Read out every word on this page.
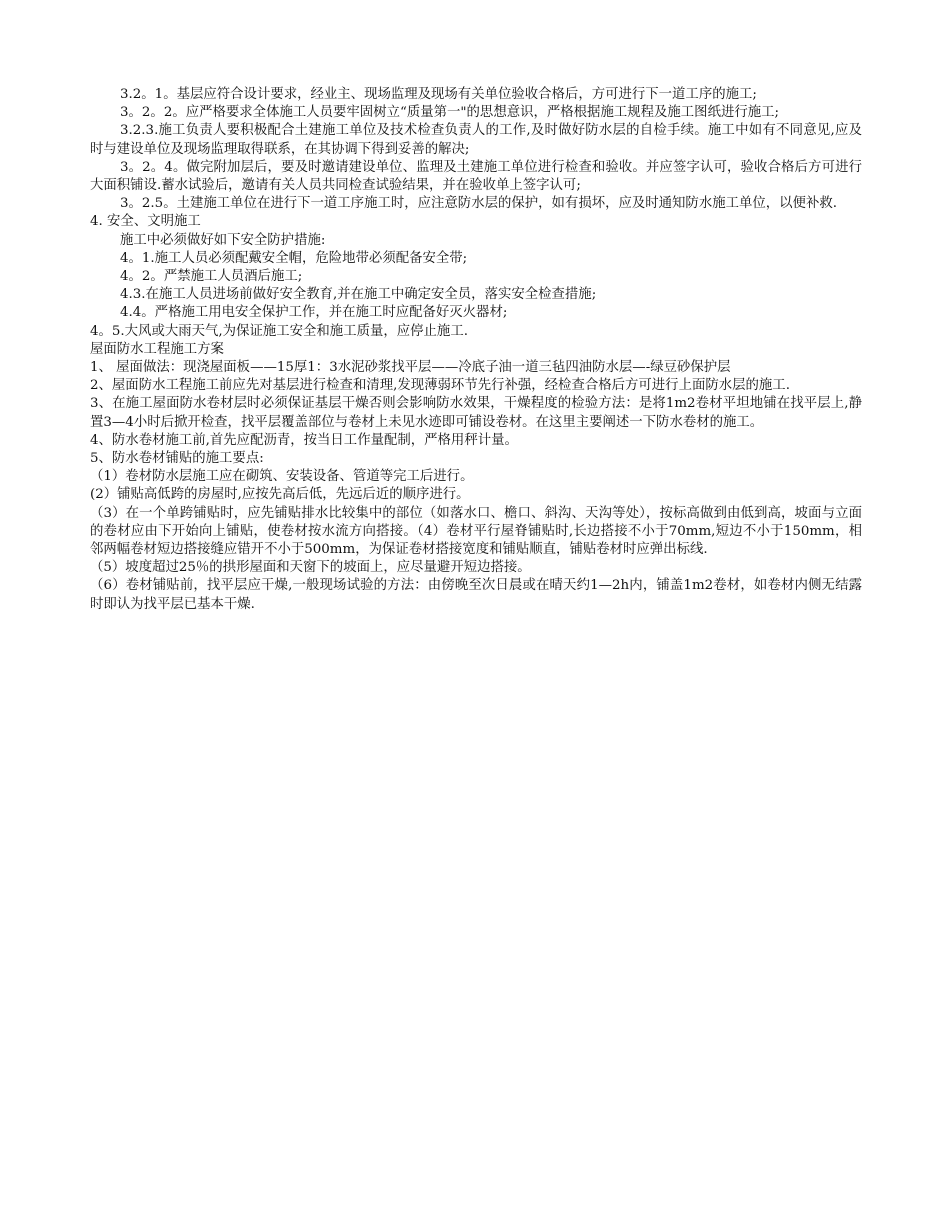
3.2。1。基层应符合设计要求，经业主、现场监理及现场有关单位验收合格后，方可进行下一道工序的施工;

3。2。2。应严格要求全体施工人员要牢固树立“质量第一"的思想意识，严格根据施工规程及施工图纸进行施工;

3.2.3.施工负责人要积极配合土建施工单位及技术检查负责人的工作,及时做好防水层的自检手续。施工中如有不同意见,应及时与建设单位及现场监理取得联系，在其协调下得到妥善的解决;

3。2。4。做完附加层后，要及时邀请建设单位、监理及土建施工单位进行检查和验收。并应签字认可，验收合格后方可进行大面积铺设.蓄水试验后，邀请有关人员共同检查试验结果，并在验收单上签字认可;

3。2.5。土建施工单位在进行下一道工序施工时，应注意防水层的保护，如有损坏，应及时通知防水施工单位，以便补救.

4. 安全、文明施工

施工中必须做好如下安全防护措施:

4。1.施工人员必须配戴安全帽，危险地带必须配备安全带;

4。2。严禁施工人员酒后施工;

4.3.在施工人员进场前做好安全教育,并在施工中确定安全员，落实安全检查措施;

4.4。严格施工用电安全保护工作，并在施工时应配备好灭火器材;

4。5.大风或大雨天气,为保证施工安全和施工质量，应停止施工.

屋面防水工程施工方案

1、 屋面做法：现浇屋面板——15厚1：3水泥砂浆找平层——冷底子油一道三毡四油防水层—-绿豆砂保护层

2、屋面防水工程施工前应先对基层进行检查和清理,发现薄弱环节先行补强，经检查合格后方可进行上面防水层的施工.

3、在施工屋面防水卷材层时必须保证基层干燥否则会影响防水效果，干燥程度的检验方法：是将1m2卷材平坦地铺在找平层上,静置3—4小时后掀开检查，找平层覆盖部位与卷材上未见水迹即可铺设卷材。在这里主要阐述一下防水卷材的施工。

4、防水卷材施工前,首先应配沥青，按当日工作量配制，严格用秤计量。

5、防水卷材铺贴的施工要点:

（1）卷材防水层施工应在砌筑、安装设备、管道等完工后进行。

(2）铺贴高低跨的房屋时,应按先高后低，先远后近的顺序进行。

（3）在一个单跨铺贴时，应先铺贴排水比较集中的部位（如落水口、檐口、斜沟、天沟等处），按标高做到由低到高，坡面与立面的卷材应由下开始向上铺贴，使卷材按水流方向搭接。（4）卷材平行屋脊铺贴时,长边搭接不小于70mm,短边不小于150mm，相邻两幅卷材短边搭接缝应错开不小于500mm，为保证卷材搭接宽度和铺贴顺直，铺贴卷材时应弹出标线.

（5）坡度超过25％的拱形屋面和天窗下的坡面上，应尽量避开短边搭接。

（6）卷材铺贴前，找平层应干燥,一般现场试验的方法：由傍晚至次日晨或在晴天约1—2h内，铺盖1m2卷材，如卷材内侧无结露时即认为找平层已基本干燥.
